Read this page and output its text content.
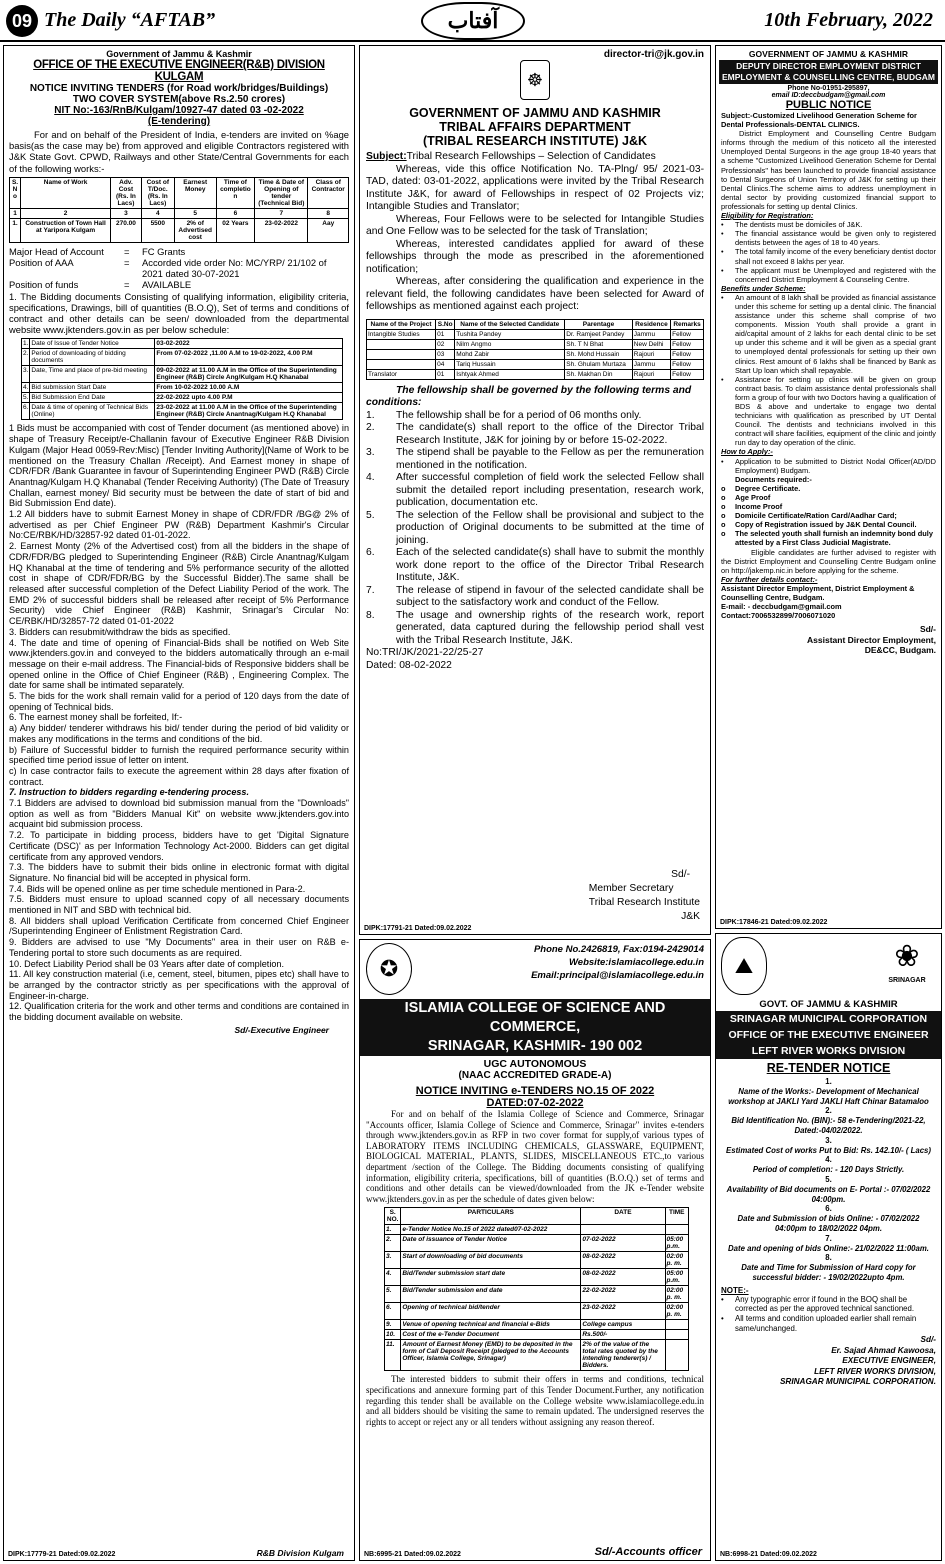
09 The Daily “AFTAB”	آفتاب	10th February, 2022
Government of Jammu & Kashmir
OFFICE OF THE EXECUTIVE ENGINEER(R&B) DIVISION KULGAM
NOTICE INVITING TENDERS (for Road work/bridges/Buildings)
TWO COVER SYSTEM(above Rs.2.50 crores)
NIT No:-163/RnB/Kulgam/10927-47 dated 03 -02-2022
(E-tendering)
For and on behalf of the President of India, e-tenders are invited on %age basis(as the case may be) from approved and eligible Contractors registered with J&K State Govt. CPWD, Railways and other State/Central Governments for each of the following works:-
S. N o	Name of Work	Adv. Cost (Rs. In Lacs)	Cost of T/Doc. (Rs. In Lacs)	Earnest Money	Time of completio n	Time & Date of Opening of tender (Technical Bid)	Class of Contractor
1	2	3	4	5	6	7	8
1.	Construction of Town Hall at Yaripora Kulgam	270.00	5500	2% of Advertised cost	02 Years	23-02-2022	Aay
Major Head of Account	=	FC Grants
Position of AAA	=	Accorded vide order No: MC/YRP/ 21/102 of 2021 dated 30-07-2021
Position of funds	=	AVAILABLE
1. The Bidding documents Consisting of qualifying information, eligibility criteria, specifications, Drawings, bill of quantities (B.O.Q), Set of terms and conditions of contract and other details can be seen/ downloaded from the departmental website www.jktenders.gov.in as per below schedule:
1.	Date of Issue of Tender Notice	03-02-2022
2.	Period of downloading of bidding documents	From 07-02-2022 ,11.00 A.M to 19-02-2022, 4.00 P.M
3.	Date, Time and place of pre-bid meeting	09-02-2022 at 11.00 A.M in the Office of the Superintending Engineer (R&B) Circle Ang/Kulgam H.Q Khanabal
4.	Bid submission Start Date	From 10-02-2022 10.00 A.M
5.	Bid Submission End Date	22-02-2022 upto 4.00 P.M
6.	Date & time of opening of Technical Bids (Online)	23-02-2022 at 11.00 A.M in the Office of the Superintending Engineer (R&B) Circle Anantnag/Kulgam H.Q Khanabal
1 Bids must be accompanied with cost of Tender document (as mentioned above) in shape of Treasury Receipt/e-Challanin favour of Executive Engineer R&B Division Kulgam (Major Head 0059-Rev:Misc) [Tender Inviting Authority](Name of Work to be mentioned on the Treasury Challan /Receipt). And Earnest money in shape of CDR/FDR /Bank Guarantee in favour of Superintending Engineer PWD (R&B) Circle Anantnag/Kulgam H.Q Khanabal (Tender Receiving Authority) (The Date of Treasury Challan, earnest money/ Bid security must be between the date of start of bid and Bid Submission End date).
1.2 All bidders have to submit Earnest Money in shape of CDR/FDR /BG@ 2% of advertised as per Chief Engineer PW (R&B) Department Kashmir's Circular No:CE/RBK/HD/32857-92 dated 01-01-2022.
2. Earnest Monty (2% of the Advertised cost) from all the bidders in the shape of CDR/FDR/BG pledged to Superintending Engineer (R&B) Circle Anantnag/Kulgam HQ Khanabal at the time of tendering and 5% performance security of the allotted cost in shape of CDR/FDR/BG by the Successful Bidder).The same shall be released after successful completion of the Defect Liability Period of the work. The EMD 2% of successful bidders shall be released after receipt of 5% Performance Security) vide Chief Engineer (R&B) Kashmir, Srinagar's Circular No: CE/RBK/HD/32857-72 dated 01-01-2022
3. Bidders can resubmit/withdraw the bids as specified.
4. The date and time of opening of Financial-Bids shall be notified on Web Site www.jktenders.gov.in and conveyed to the bidders automatically through an e-mail message on their e-mail address. The Financial-bids of Responsive bidders shall be opened online in the Office of Chief Engineer (R&B) , Engineering Complex. The date for same shall be intimated separately.
5. The bids for the work shall remain valid for a period of 120 days from the date of opening of Technical bids.
6. The earnest money shall be forfeited, If:-
a) Any bidder/ tenderer withdraws his bid/ tender during the period of bid validity or makes any modifications in the terms and conditions of the bid.
b) Failure of Successful bidder to furnish the required performance security within specified time period issue of letter on intent.
c) In case contractor fails to execute the agreement within 28 days after fixation of contract.
7. Instruction to bidders regarding e-tendering process.
7.1 Bidders are advised to download bid submission manual from the "Downloads" option as well as from "Bidders Manual Kit" on website www.jktenders.gov.into acquaint bid submission process.
7.2. To participate in bidding process, bidders have to get 'Digital Signature Certificate (DSC)' as per Information Technology Act-2000. Bidders can get digital certificate from any approved vendors.
7.3. The bidders have to submit their bids online in electronic format with digital Signature. No financial bid will be accepted in physical form.
7.4. Bids will be opened online as per time schedule mentioned in Para-2.
7.5. Bidders must ensure to upload scanned copy of all necessary documents mentioned in NIT and SBD with technical bid.
8. All bidders shall upload Verification Certificate from concerned Chief Engineer /Superintending Engineer of Enlistment Registration Card.
9. Bidders are advised to use "My Documents" area in their user on R&B e-Tendering portal to store such documents as are required.
10. Defect Liability Period shall be 03 Years after date of completion.
11. All key construction material (i.e, cement, steel, bitumen, pipes etc) shall have to be arranged by the contractor strictly as per specifications with the approval of Engineer-in-charge.
12. Qualification criteria for the work and other terms and conditions are contained in the bidding document available on website.
Sd/-Executive Engineer
DIPK:17779-21 Dated:09.02.2022	R&B Division Kulgam
director-tri@jk.gov.in
☸
GOVERNMENT OF JAMMU AND KASHMIR
TRIBAL AFFAIRS DEPARTMENT
(TRIBAL RESEARCH INSTITUTE) J&K
Subject:Tribal Research Fellowships – Selection of Candidates
Whereas, vide this office Notification No. TA-Plng/ 95/ 2021-03-TAD, dated: 03-01-2022, applications were invited by the Tribal Research Institute J&K, for award of Fellowships in respect of 02 Projects viz; Intangible Studies and Translator;
Whereas, Four Fellows were to be selected for Intangible Studies and One Fellow was to be selected for the task of Translation;
Whereas, interested candidates applied for award of these fellowships through the mode as prescribed in the aforementioned notification;
Whereas, after considering the qualification and experience in the relevant field, the following candidates have been selected for Award of fellowships as mentioned against each project:
Name of the Project	S.No	Name of the Selected Candidate	Parentage	Residence	Remarks
Intangible Studies	01	Tushita Pandey	Dr. Ramjeet Pandey	Jammu	Fellow
	02	Nilm Angmo	Sh. T N Bhat	New Delhi	Fellow
	03	Mohd Zabir	Sh. Mohd Hussain	Rajouri	Fellow
	04	Tariq Hussain	Sh. Ghulam Murtaza	Jammu	Fellow
Translator	01	Ishtyak Ahmed	Sh. Makhan Din	Rajouri	Fellow
The fellowship shall be governed by the following terms and conditions:
1.	The fellowship shall be for a period of 06 months only.
2.	The candidate(s) shall report to the office of the Director Tribal Research Institute, J&K for joining by or before 15-02-2022.
3.	The stipend shall be payable to the Fellow as per the remuneration mentioned in the notification.
4.	After successful completion of field work the selected Fellow shall submit the detailed report including presentation, research work, publication, documentation etc.
5.	The selection of the Fellow shall be provisional and subject to the production of Original documents to be submitted at the time of joining.
6.	Each of the selected candidate(s) shall have to submit the monthly work done report to the office of the Director Tribal Research Institute, J&K.
7.	The release of stipend in favour of the selected candidate shall be subject to the satisfactory work and conduct of the Fellow.
8.	The usage and ownership rights of the research work, report generated, data captured during the fellowship period shall vest with the Tribal Research Institute, J&K.
No:TRI/JK/2021-22/25-27
Dated: 08-02-2022
Sd/-
Member Secretary
Tribal Research Institute
J&K
DIPK:17791-21 Dated:09.02.2022
✪
Phone No.2426819, Fax:0194-2429014
Website:islamiacollege.edu.in
Email:principal@islamiacollege.edu.in
ISLAMIA COLLEGE OF SCIENCE AND COMMERCE,
SRINAGAR, KASHMIR- 190 002
UGC AUTONOMOUS
(NAAC ACCREDITED GRADE-A)
NOTICE INVITING e-TENDERS NO.15 OF 2022
DATED:07-02-2022
For and on behalf of the Islamia College of Science and Commerce, Srinagar "Accounts officer, Islamia College of Science and Commerce, Srinagar" invites e-tenders through www.jktenders.gov.in as RFP in two cover format for supply,of various types of LABORATORY ITEMS INCLUDING CHEMICALS, GLASSWARE, EQUIPMENT, BIOLOGICAL MATERIAL, PLANTS, SLIDES, MISCELLANEOUS ETC.,to various department /section of the College. The Bidding documents consisting of qualifying information, eligibility criteria, specifications, bill of quantities (B.O.Q.) set of terms and conditions and other details can be viewed/downloaded from the JK e-Tender website www.jktenders.gov.in as per the schedule of dates given below:
S. NO.	PARTICULARS	DATE	TIME
1.	e-Tender Notice No.15 of 2022 dated07-02-2022		
2.	Date of issuance of Tender Notice	07-02-2022	05:00 p.m.
3.	Start of downloading of bid documents	08-02-2022	02:00 p. m.
4.	Bid/Tender submission start date	08-02-2022	05:00 p.m.
5.	Bid/Tender submission end date	22-02-2022	02:00 p. m.
6.	Opening of technical bid/tender	23-02-2022	02:00 p. m.
9.	Venue of opening technical and financial e-Bids	College campus	
10.	Cost of the e-Tender Document	Rs.500/-	
11.	Amount of Earnest Money (EMD) to be deposited in the form of Call Deposit Receipt (pledged to the Accounts Officer, Islamia College, Srinagar)	2% of the value of the total rates quoted by the intending tenderer(s) / Bidders.	
The interested bidders to submit their offers in terms and conditions, technical specifications and annexure forming part of this Tender Document.Further, any notification regarding this tender shall be available on the College website www.islamiacollege.edu.in and all bidders should be visiting the same to remain updated. The undersigned reserves the rights to accept or reject any or all tenders without assigning any reason thereof.
NB:6995-21 Dated:09.02.2022	Sd/-Accounts officer
GOVERNMENT OF JAMMU & KASHMIR
DEPUTY DIRECTOR EMPLOYMENT DISTRICT EMPLOYMENT & COUNSELLING CENTRE, BUDGAM
Phone No-01951-295897,
email ID:deccbudgam@gmail.com
PUBLIC NOTICE
Subject:-Customized Livelihood Generation Scheme for Dental Professionals-DENTAL CLINICS.
District Employment and Counselling Centre Budgam informs through the medium of this noticeto all the interested Unemployed Dental Surgeons in the age group 18-40 years that a scheme "Customized Livelihood Generation Scheme for Dental Professionals" has been launched to provide financial assistance to Dental Surgeons of Union Territory of J&K for setting up their Dental Clinics.The scheme aims to address unemployment in dental sector by providing customized financial support to professionals for setting up dental Clinics.
Eligibility for Registration:
•	The dentists must be domiciles of J&K.
•	The financial assistance would be given only to registered dentists between the ages of 18 to 40 years.
•	The total family income of the every beneficiary dentist doctor shall not exceed 8 lakhs per year.
•	The applicant must be Unemployed and registered with the concerned District Employment & Counseling Centre.
Benefits under Scheme:
•	An amount of 8 lakh shall be provided as financial assistance under this scheme for setting up a dental clinic. The financial assistance under this scheme shall comprise of two components. Mission Youth shall provide a grant in aid/capital amount of 2 lakhs for each dental clinic to be set up under this scheme and it will be given as a special grant to unemployed dental professionals for setting up their own clinics. Rest amount of 6 lakhs shall be financed by Bank as Start Up loan which shall repayable.
•	Assistance for setting up clinics will be given on group contract basis. To claim assistance dental professionals shall form a group of four with two Doctors having a qualification of BDS & above and undertake to engage two dental technicians with qualification as prescribed by UT Dental Council. The dentists and technicians involved in this contract will share facilities, equipment of the clinic and jointly run day to day operation of the clinic.
How to Apply:-
•	Application to be submitted to District Nodal Officer(AD/DD Employment) Budgam.
Documents required:-
o	Degree Certificate.
o	Age Proof
o	Income Proof
o	Domicile Certificate/Ration Card/Aadhar Card;
o	Copy of Registration issued by J&K Dental Council.
o	The selected youth shall furnish an indemnity bond duly attested by a First Class Judicial Magistrate.
Eligible candidates are further advised to register with the District Employment and Counselling Centre Budgam online on http://jakemp.nic.in before applying for the scheme.
For further details contact:-
Assistant Director Employment, District Employment & Counselling Centre, Budgam.
E-mail: - deccbudgam@gmail.com
Contact:7006532899/7006071020
Sd/-
Assistant Director Employment,
DE&CC, Budgam.
DIPK:17846-21 Dated:09.02.2022
⛰	❀
SRINAGAR
GOVT. OF JAMMU & KASHMIR
SRINAGAR MUNICIPAL CORPORATION
OFFICE OF THE EXECUTIVE ENGINEER
LEFT RIVER WORKS DIVISION
RE-TENDER NOTICE
1.
Name of the Works:- Development of Mechanical workshop at JAKLI Yard JAKLI Haft Chinar Batamaloo
2.
Bid Identification No. (BIN):- 58 e-Tendering/2021-22, Dated:-04/02/2022.
3.
Estimated Cost of works Put to Bid: Rs. 142.10/- ( Lacs)
4.
Period of completion: - 120 Days Strictly.
5.
Availability of Bid documents on E- Portal :- 07/02/2022 04:00pm.
6.
Date and Submission of bids Online: - 07/02/2022 04:00pm to 18/02/2022 04pm.
7.
Date and opening of bids Online:- 21/02/2022 11:00am.
8.
Date and Time for Submission of Hard copy for successful bidder: - 19/02/2022upto 4pm.
NOTE:-
•	Any typographic error if found in the BOQ shall be corrected as per the approved technical sanctioned.
•	All terms and condition uploaded earlier shall remain same/unchanged.
Sd/-
Er. Sajad Ahmad Kawoosa,
EXECUTIVE ENGINEER,
LEFT RIVER WORKS DIVISION,
SRINAGAR MUNICIPAL CORPORATION.
NB:6998-21 Dated:09.02.2022
